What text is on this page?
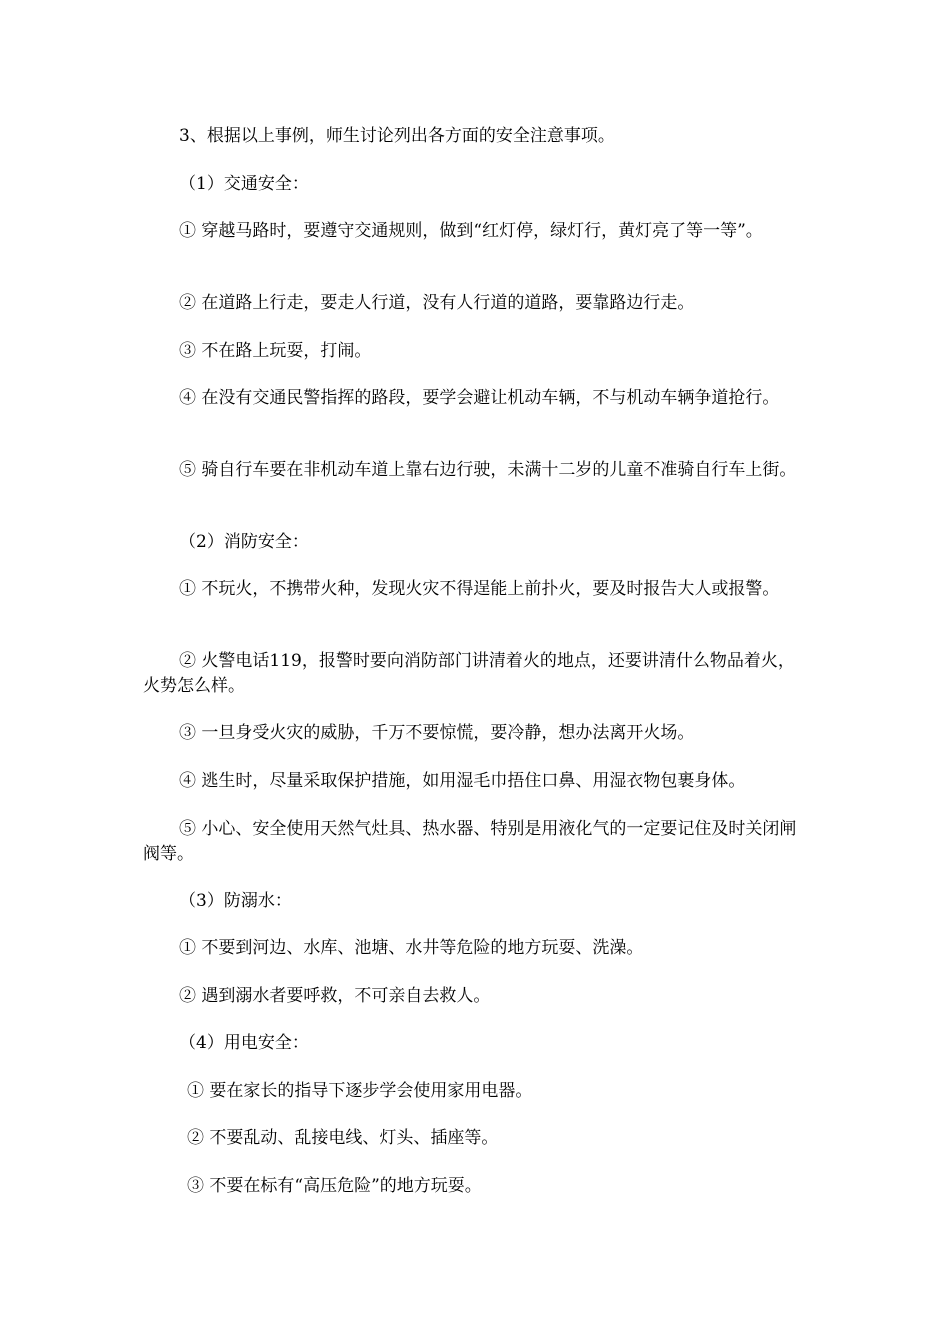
3、根据以上事例，师生讨论列出各方面的安全注意事项。

（1）交通安全：

① 穿越马路时，要遵守交通规则，做到“红灯停，绿灯行，黄灯亮了等一等”。

② 在道路上行走，要走人行道，没有人行道的道路，要靠路边行走。

③ 不在路上玩耍，打闹。

④ 在没有交通民警指挥的路段，要学会避让机动车辆，不与机动车辆争道抢行。

⑤ 骑自行车要在非机动车道上靠右边行驶，未满十二岁的儿童不准骑自行车上街。

（2）消防安全：

① 不玩火，不携带火种，发现火灾不得逞能上前扑火，要及时报告大人或报警。

② 火警电话119，报警时要向消防部门讲清着火的地点，还要讲清什么物品着火，火势怎么样。

③ 一旦身受火灾的威胁，千万不要惊慌，要冷静，想办法离开火场。

④ 逃生时，尽量采取保护措施，如用湿毛巾捂住口鼻、用湿衣物包裹身体。

⑤ 小心、安全使用天然气灶具、热水器、特别是用液化气的一定要记住及时关闭闸阀等。

（3）防溺水：

① 不要到河边、水库、池塘、水井等危险的地方玩耍、洗澡。

② 遇到溺水者要呼救，不可亲自去救人。

（4）用电安全：

① 要在家长的指导下逐步学会使用家用电器。

② 不要乱动、乱接电线、灯头、插座等。

③ 不要在标有“高压危险”的地方玩耍。
